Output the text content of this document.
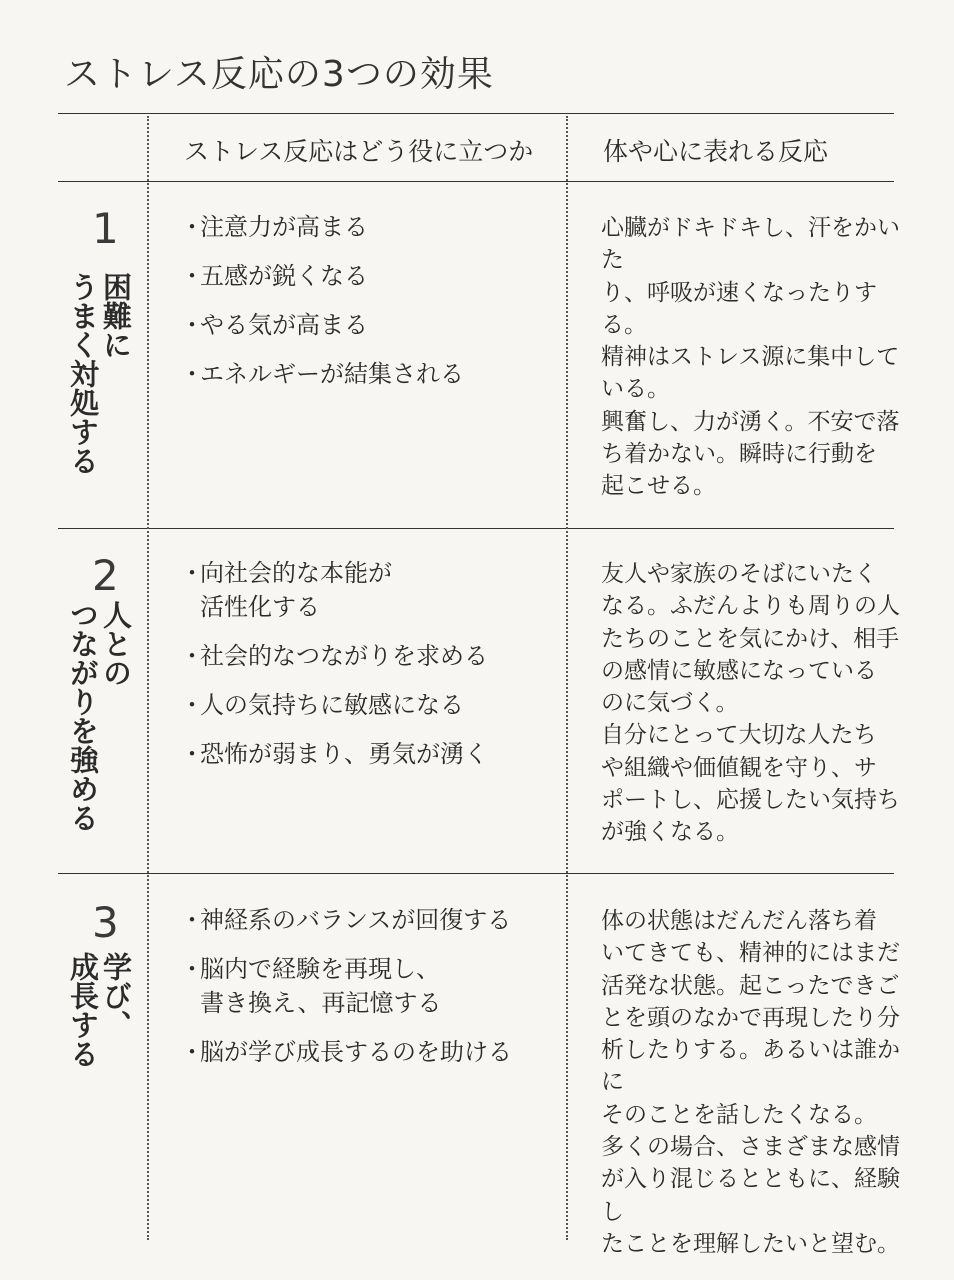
ストレス反応の3つの効果
ストレス反応はどう役に立つか	体や心に表れる反応
1
困難に
うまく対処する
・
注意力が高まる
・
五感が鋭くなる
・
やる気が高まる
・
エネルギーが結集される
心臓がドキドキし、汗をかいた
り、呼吸が速くなったりする。
精神はストレス源に集中して
いる。
興奮し、力が湧く。不安で落
ち着かない。瞬時に行動を
起こせる。
2
人との
つながりを強める
・
向社会的な本能が
活性化する
・
社会的なつながりを求める
・
人の気持ちに敏感になる
・
恐怖が弱まり、勇気が湧く
友人や家族のそばにいたく
なる。ふだんよりも周りの人
たちのことを気にかけ、相手
の感情に敏感になっている
のに気づく。
自分にとって大切な人たち
や組織や価値観を守り、サ
ポートし、応援したい気持ち
が強くなる。
3
学び、
成長する
・
神経系のバランスが回復する
・
脳内で経験を再現し、
書き換え、再記憶する
・
脳が学び成長するのを助ける
体の状態はだんだん落ち着
いてきても、精神的にはまだ
活発な状態。起こったできご
とを頭のなかで再現したり分
析したりする。あるいは誰かに
そのことを話したくなる。
多くの場合、さまざまな感情
が入り混じるとともに、経験し
たことを理解したいと望む。
